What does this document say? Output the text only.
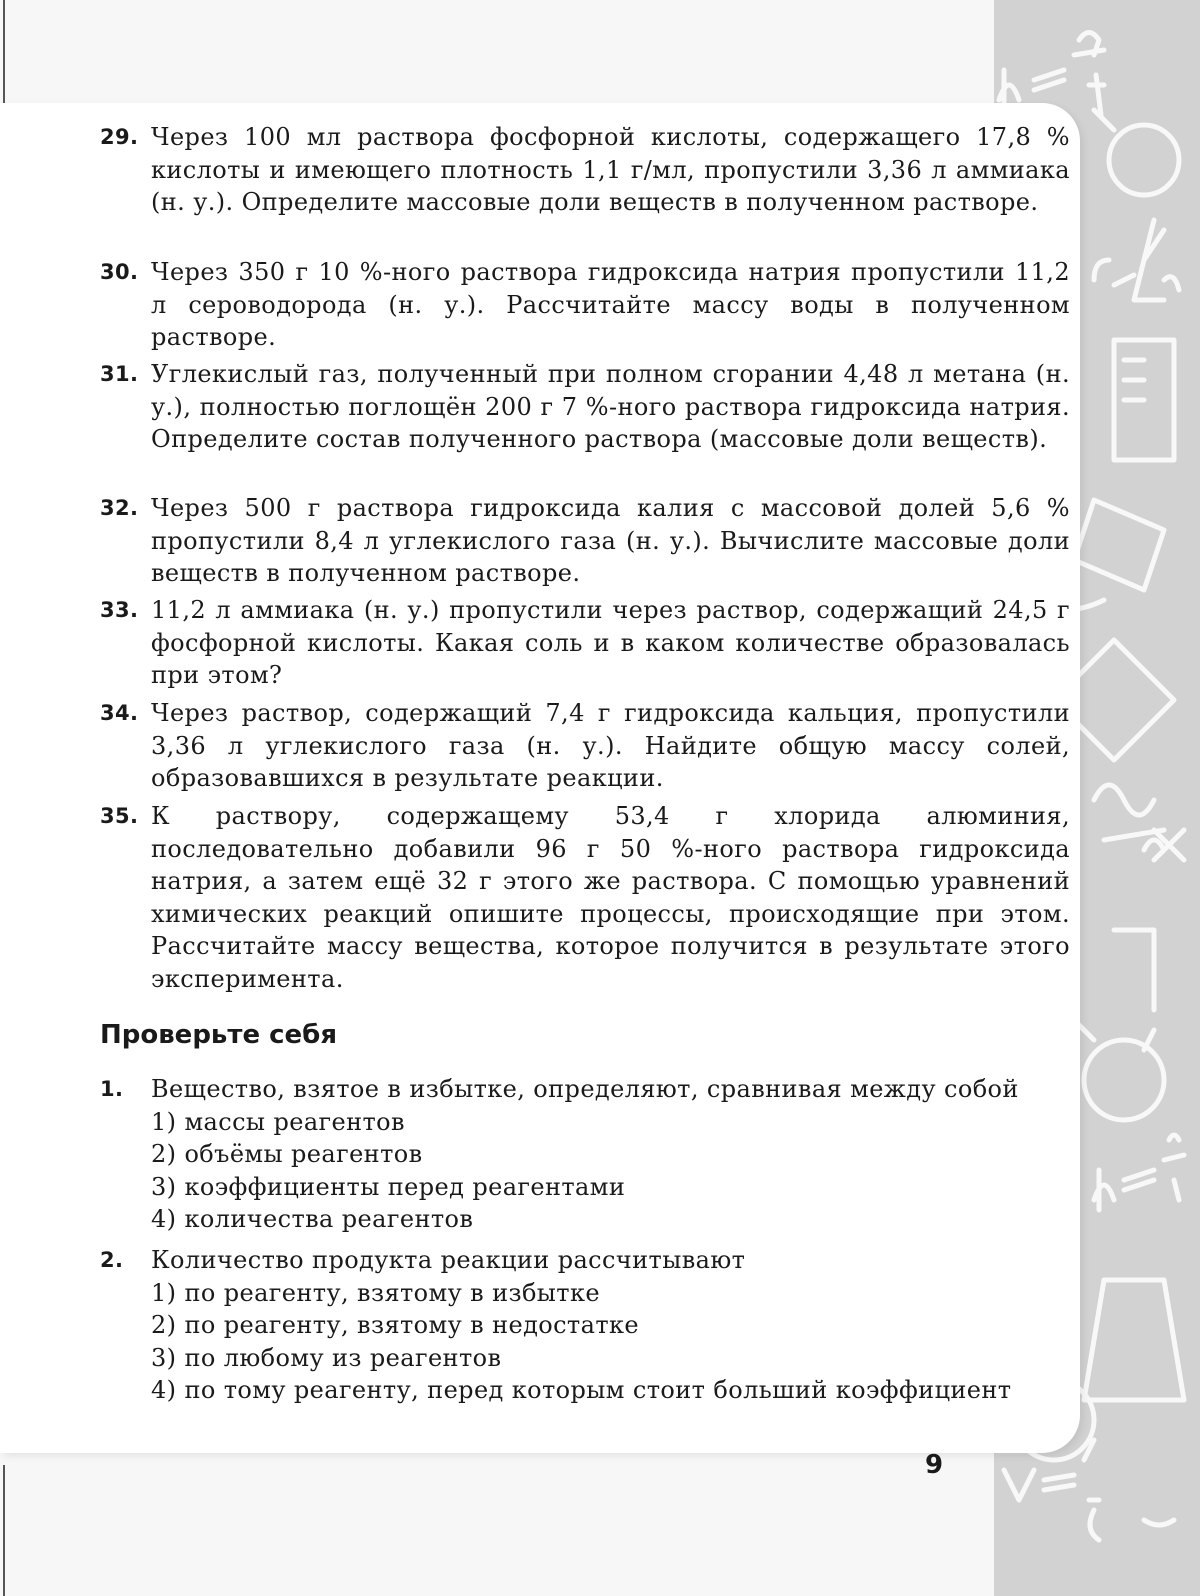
29. Через 100 мл раствора фосфорной кислоты, содержащего 17,8 % кислоты и имеющего плотность 1,1 г/мл, пропустили 3,36 л аммиака (н. у.). Определите массовые доли веществ в полученном растворе.
30. Через 350 г 10 %-ного раствора гидроксида натрия пропустили 11,2 л сероводорода (н. у.). Рассчитайте массу воды в полученном растворе.
31. Углекислый газ, полученный при полном сгорании 4,48 л метана (н. у.), полностью поглощён 200 г 7 %-ного раствора гидроксида натрия. Определите состав полученного раствора (массовые доли веществ).
32. Через 500 г раствора гидроксида калия с массовой долей 5,6 % пропустили 8,4 л углекислого газа (н. у.). Вычислите массовые доли веществ в полученном растворе.
33. 11,2 л аммиака (н. у.) пропустили через раствор, содержащий 24,5 г фосфорной кислоты. Какая соль и в каком количестве образовалась при этом?
34. Через раствор, содержащий 7,4 г гидроксида кальция, пропустили 3,36 л углекислого газа (н. у.). Найдите общую массу солей, образовавшихся в результате реакции.
35. К раствору, содержащему 53,4 г хлорида алюминия, последовательно добавили 96 г 50 %-ного раствора гидроксида натрия, а затем ещё 32 г этого же раствора. С помощью уравнений химических реакций опишите процессы, происходящие при этом. Рассчитайте массу вещества, которое получится в результате этого эксперимента.
Проверьте себя
1. Вещество, взятое в избытке, определяют, сравнивая между собой
1) массы реагентов
2) объёмы реагентов
3) коэффициенты перед реагентами
4) количества реагентов
2. Количество продукта реакции рассчитывают
1) по реагенту, взятому в избытке
2) по реагенту, взятому в недостатке
3) по любому из реагентов
4) по тому реагенту, перед которым стоит больший коэффициент
9
